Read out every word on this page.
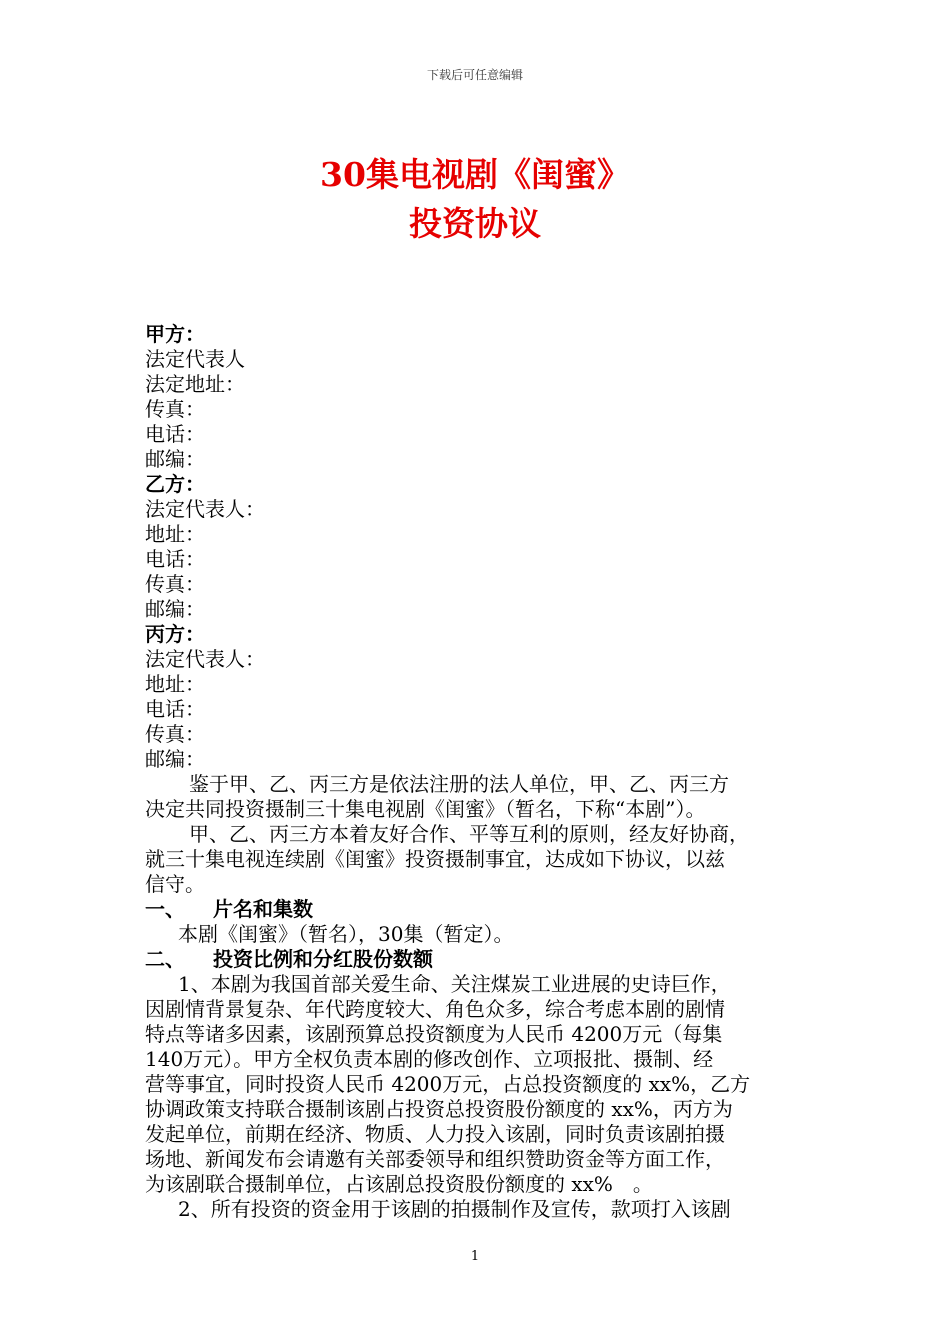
下载后可任意编辑
30集电视剧《闺蜜》
投资协议
甲方：
法定代表人
法定地址：
传真：
电话：
邮编：
乙方：
法定代表人：
地址：
电话：
传真：
邮编：
丙方：
法定代表人：
地址：
电话：
传真：
邮编：
鉴于甲、乙、丙三方是依法注册的法人单位，甲、乙、丙三方
决定共同投资摄制三十集电视剧《闺蜜》（暂名，下称“本剧”）。
甲、乙、丙三方本着友好合作、平等互利的原则，经友好协商，
就三十集电视连续剧《闺蜜》投资摄制事宜，达成如下协议，以兹
信守。
一、 片名和集数
本剧《闺蜜》（暂名），30集（暂定）。
二、 投资比例和分红股份数额
1、本剧为我国首部关爱生命、关注煤炭工业进展的史诗巨作，
因剧情背景复杂、年代跨度较大、角色众多，综合考虑本剧的剧情
特点等诸多因素，该剧预算总投资额度为人民币 4200万元（每集
140万元）。甲方全权负责本剧的修改创作、立项报批、摄制、经
营等事宜，同时投资人民币 4200万元，占总投资额度的 xx%，乙方
协调政策支持联合摄制该剧占投资总投资股份额度的 xx%，丙方为
发起单位，前期在经济、物质、人力投入该剧，同时负责该剧拍摄
场地、新闻发布会请邀有关部委领导和组织赞助资金等方面工作，
为该剧联合摄制单位，占该剧总投资股份额度的 xx%　。
2、所有投资的资金用于该剧的拍摄制作及宣传，款项打入该剧
1
